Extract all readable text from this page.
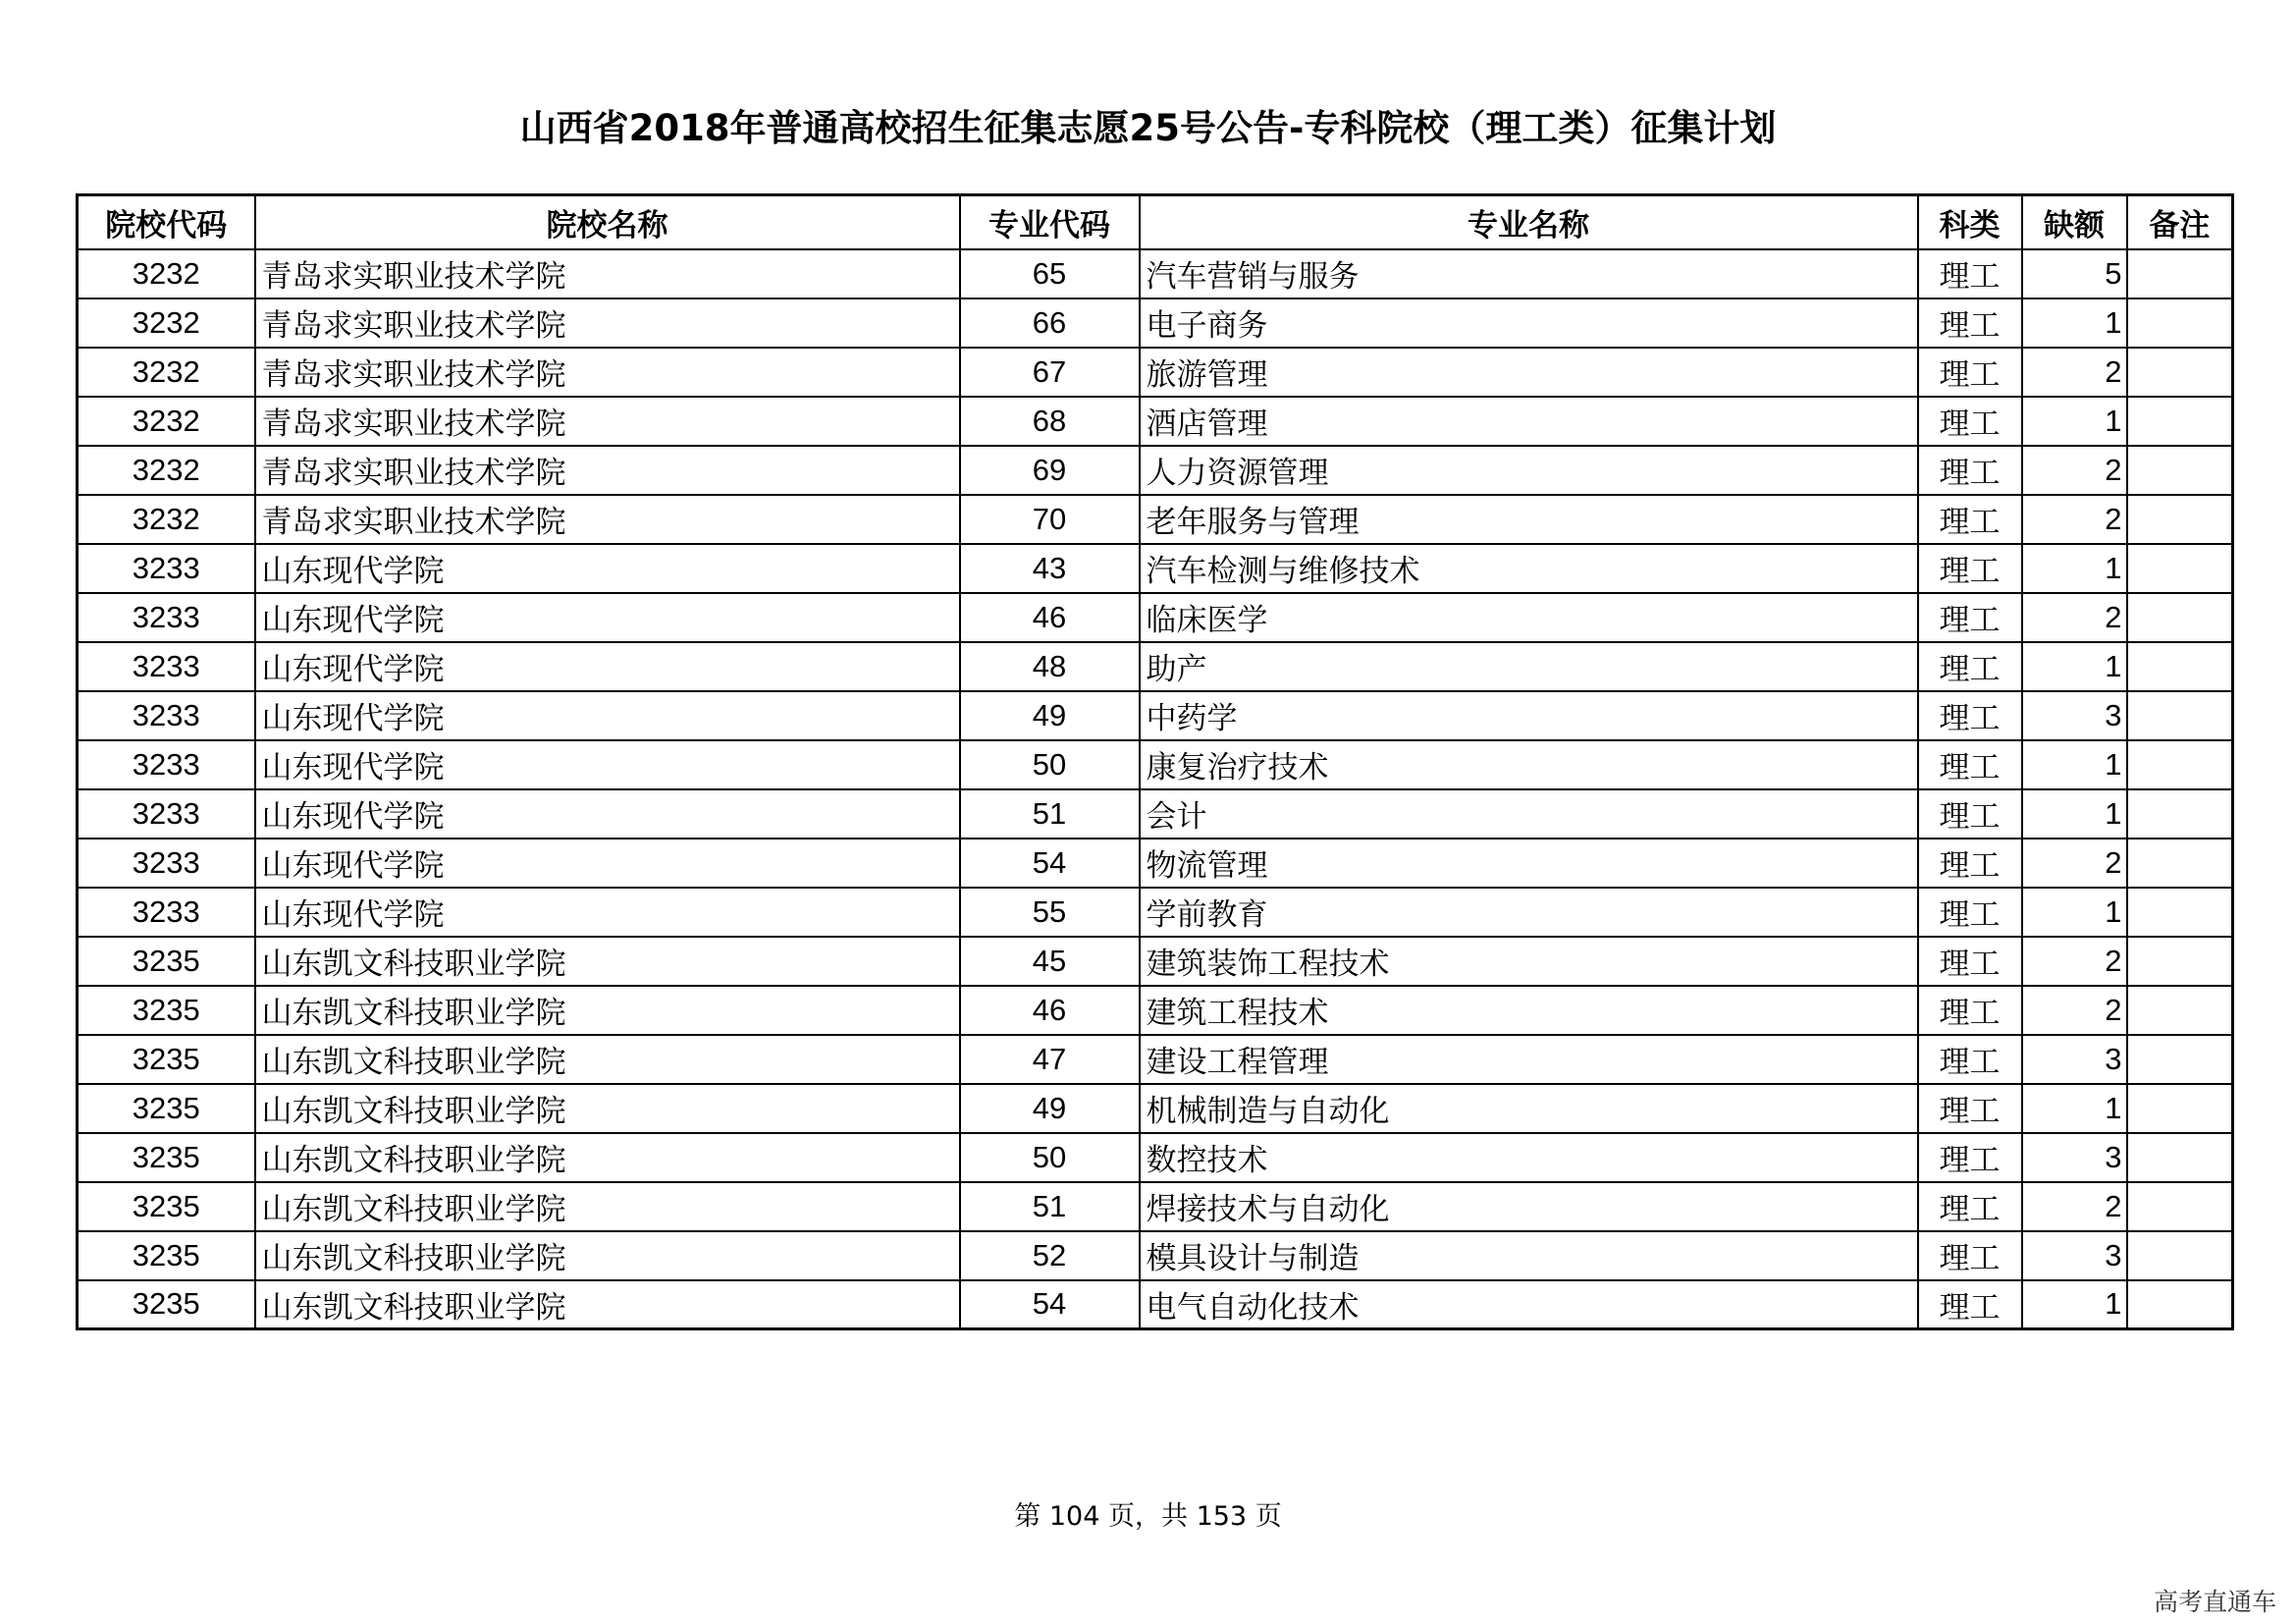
山西省2018年普通高校招生征集志愿25号公告-专科院校（理工类）征集计划
院校代码	院校名称	专业代码	专业名称	科类	缺额	备注
3232	青岛求实职业技术学院	65	汽车营销与服务	理工	5	
3232	青岛求实职业技术学院	66	电子商务	理工	1	
3232	青岛求实职业技术学院	67	旅游管理	理工	2	
3232	青岛求实职业技术学院	68	酒店管理	理工	1	
3232	青岛求实职业技术学院	69	人力资源管理	理工	2	
3232	青岛求实职业技术学院	70	老年服务与管理	理工	2	
3233	山东现代学院	43	汽车检测与维修技术	理工	1	
3233	山东现代学院	46	临床医学	理工	2	
3233	山东现代学院	48	助产	理工	1	
3233	山东现代学院	49	中药学	理工	3	
3233	山东现代学院	50	康复治疗技术	理工	1	
3233	山东现代学院	51	会计	理工	1	
3233	山东现代学院	54	物流管理	理工	2	
3233	山东现代学院	55	学前教育	理工	1	
3235	山东凯文科技职业学院	45	建筑装饰工程技术	理工	2	
3235	山东凯文科技职业学院	46	建筑工程技术	理工	2	
3235	山东凯文科技职业学院	47	建设工程管理	理工	3	
3235	山东凯文科技职业学院	49	机械制造与自动化	理工	1	
3235	山东凯文科技职业学院	50	数控技术	理工	3	
3235	山东凯文科技职业学院	51	焊接技术与自动化	理工	2	
3235	山东凯文科技职业学院	52	模具设计与制造	理工	3	
3235	山东凯文科技职业学院	54	电气自动化技术	理工	1	
第 104 页，共 153 页
高考直通车
